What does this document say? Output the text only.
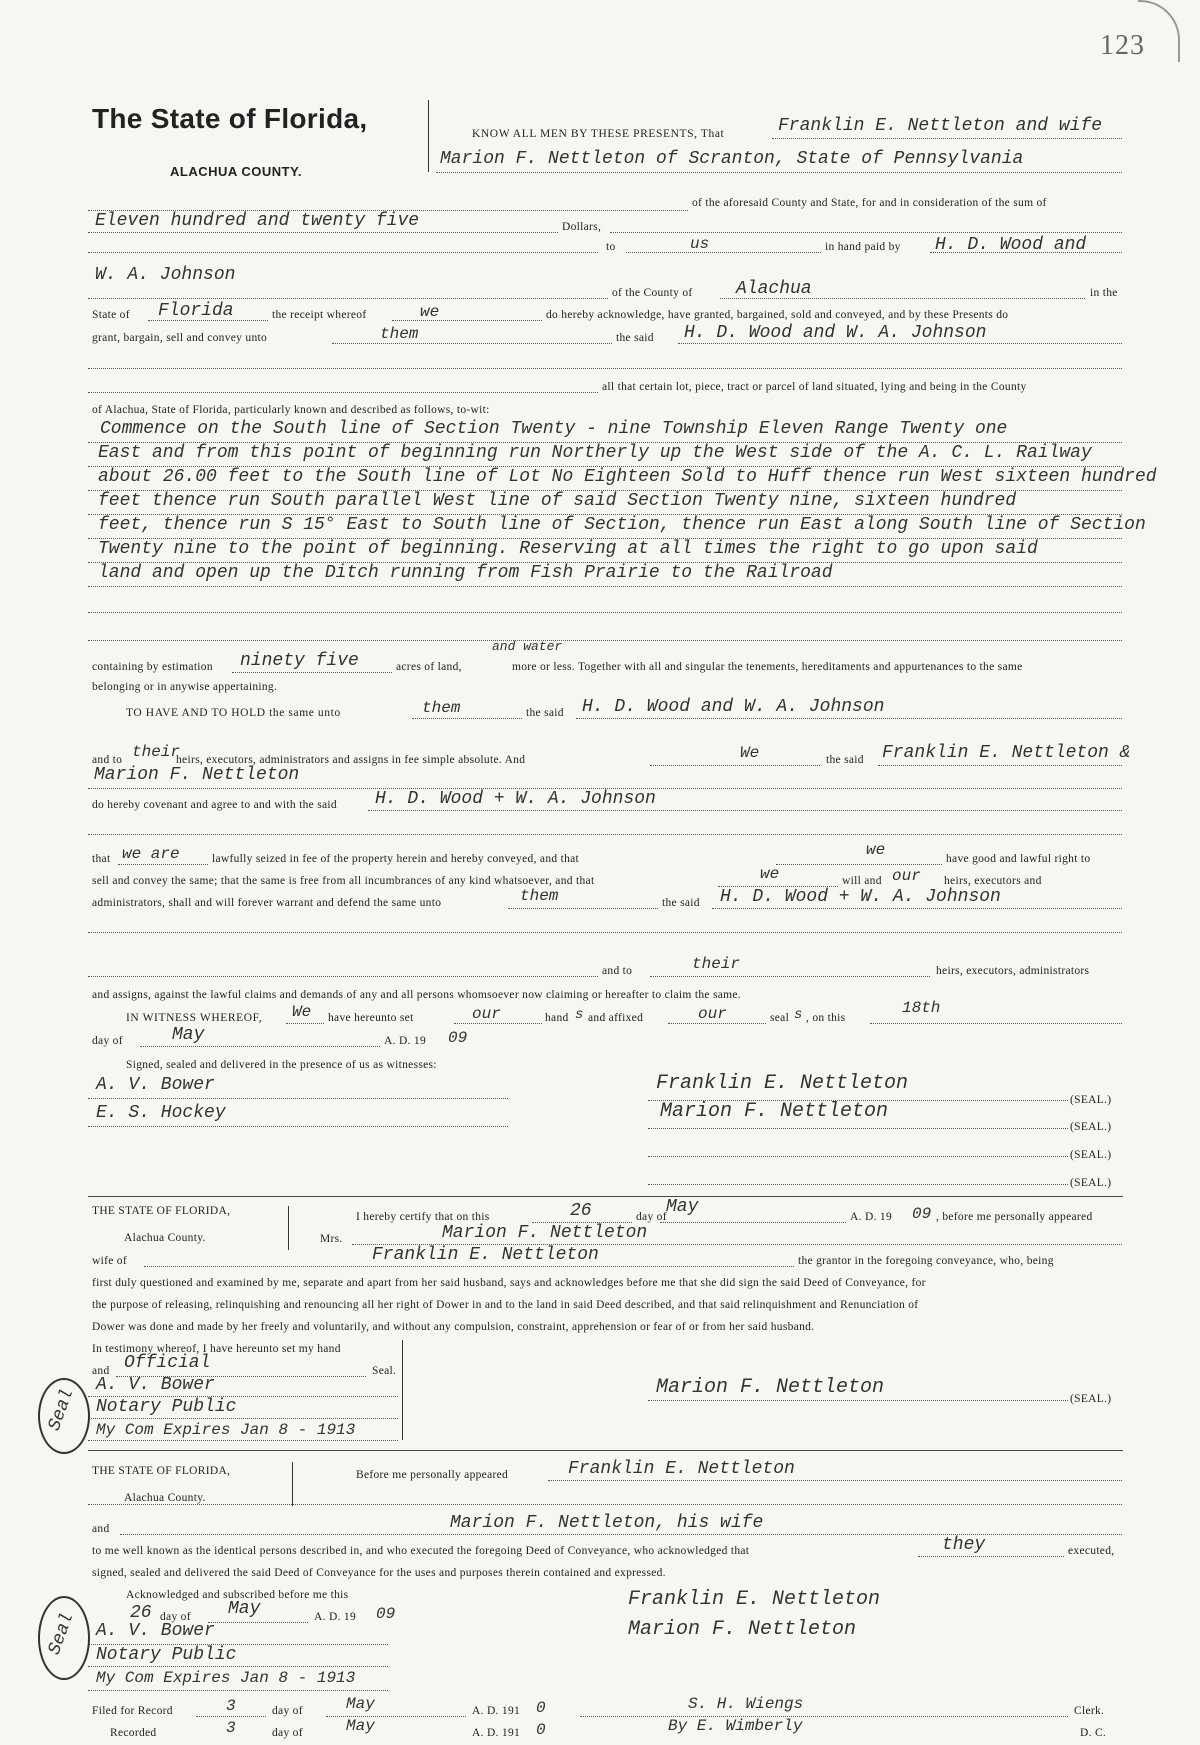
123
The State of Florida,
ALACHUA COUNTY.
KNOW ALL MEN BY THESE PRESENTS, That	Franklin E. Nettleton and wife
Marion F. Nettleton of Scranton, State of Pennsylvania
of the aforesaid County and State, for and in consideration of the sum of
Eleven hundred and twenty five	Dollars,
to	us	in hand paid by H. D. Wood and
W. A. Johnson
of the County of Alachua	in the
State of Florida	the receipt whereof	we	do hereby acknowledge, have granted, bargained, sold and conveyed, and by these Presents do
grant, bargain, sell and convey unto	them	the said H. D. Wood and W. A. Johnson
all that certain lot, piece, tract or parcel of land situated, lying and being in the County
of Alachua, State of Florida, particularly known and described as follows, to-wit:
Commence on the South line of Section Twenty - nine Township Eleven Range Twenty one
East and from this point of beginning run Northerly up the West side of the A. C. L. Railway
about 26.00 feet to the South line of Lot No Eighteen Sold to Huff thence run West sixteen hundred
feet thence run South parallel West line of said Section Twenty nine, sixteen hundred
feet, thence run S 15° East to South line of Section, thence run East along South line of Section
Twenty nine to the point of beginning. Reserving at all times the right to go upon said
land and open up the Ditch running from Fish Prairie to the Railroad
containing by estimation ninety five	acres of land,
and water
more or less. Together with all and singular the tenements, hereditaments and appurtenances to the same
belonging or in anywise appertaining.
TO HAVE AND TO HOLD the same unto	them	the said H. D. Wood and W. A. Johnson
and to their
heirs, executors, administrators and assigns in fee simple absolute. And	We	the said Franklin E. Nettleton &
Marion F. Nettleton
do hereby covenant and agree to and with the said H. D. Wood + W. A. Johnson
that we are	lawfully seized in fee of the property herein and hereby conveyed, and that	we	have good and lawful right to
sell and convey the same; that the same is free from all incumbrances of any kind whatsoever, and that	we	will and our heirs, executors and
administrators, shall and will forever warrant and defend the same unto	them	the said H. D. Wood + W. A. Johnson
and to	their	heirs, executors, administrators
and assigns, against the lawful claims and demands of any and all persons whomsoever now claiming or hereafter to claim the same.
IN WITNESS WHEREOF, We have hereunto set	our	hand s and affixed	our	seal s , on this
18th
day of	May	A. D. 19 09
Signed, sealed and delivered in the presence of us as witnesses:
A. V. Bower
E. S. Hockey
Franklin E. Nettleton
(SEAL.)
Marion F. Nettleton
(SEAL.)
(SEAL.)
(SEAL.)
THE STATE OF FLORIDA,
Alachua County.
I hereby certify that on this	26	day of May	A. D. 19 09 , before me personally appeared
Mrs.	Marion F. Nettleton
wife of	Franklin E. Nettleton	the grantor in the foregoing conveyance, who, being
first duly questioned and examined by me, separate and apart from her said husband, says and acknowledges before me that she did sign the said Deed of Conveyance, for
the purpose of releasing, relinquishing and renouncing all her right of Dower in and to the land in said Deed described, and that said relinquishment and Renunciation of
Dower was done and made by her freely and voluntarily, and without any compulsion, constraint, apprehension or fear of or from her said husband.
In testimony whereof, I have hereunto set my hand
and Official	Seal.
A. V. Bower
Notary Public
My Com Expires Jan 8 - 1913
Seal	Marion F. Nettleton	(SEAL.)
THE STATE OF FLORIDA,
Alachua County.
Before me personally appeared	Franklin E. Nettleton
and	Marion F. Nettleton, his wife
to me well known as the identical persons described in, and who executed the foregoing Deed of Conveyance, who acknowledged that	they	executed,
signed, sealed and delivered the said Deed of Conveyance for the uses and purposes therein contained and expressed.
Acknowledged and subscribed before me this
26 day of May	A. D. 19 09
A. V. Bower
Notary Public
My Com Expires Jan 8 - 1913
Seal
Franklin E. Nettleton
Marion F. Nettleton
Filed for Record	3	day of	May	A. D. 191 0	S. H. Wiengs	Clerk.
Recorded	3	day of	May	A. D. 191 0	By E. Wimberly	D. C.
